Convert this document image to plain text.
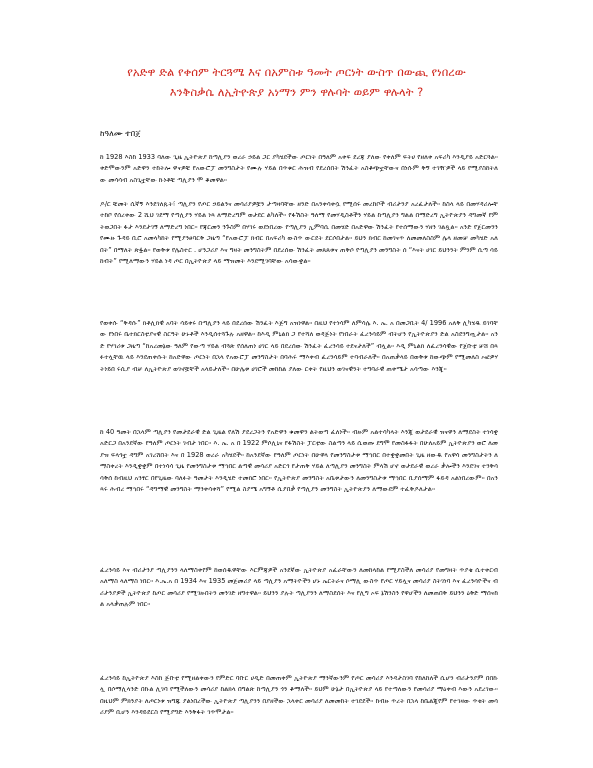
የአድዋ ድል የቀሰም ትርጓሜ እና በአምስቱ ዓመት ጦርነት ውስጥ በውጪ የነበረው
እንቅስቃሴ ለኢትዮጵያ አነማን ምን ዋሉባት ወይም ዋሉላት ?

ከዓለሙ ተበጀ

ከ 1928 እስከ 1933 ባለው ጊዜ ኢትዮጵያ ከጣሊያን ወረራ ኃይል ጋር ያካሄደችው ጦርነት በዓለም አቀፍ ደረጃ ያለው የቀለም ፍትሀ የዘለቀ አፍሪካ እንዲያይ አድርጓል። ቀድሞውንም አድዋን ተከትሎ ዋናዎቹ የአውሮፓ መንግስታት የሙሉ ሃይል በጥቁር ሕዝብ የደረሰበት ሽንፈት አስቆጭቷቸውና በነሱም ቅኝ ተገዥዎች ላይ የሚያስከትለው መሳሳብ አስጊቷቸው ኩነቶቹ ጣሊያን ሞ ቆመዋል።

ዶ/ር ቹመት ሲኛኝ እንደገለጹት፣ ጣሊያን የጦር ኃይልንና መሳሪያዎቿን ታጣዛባቸው ዘንድ በአንቀሳቀሷ የሚሰሩ መረከቦች ብሪታንያ አረፈታለች። ከስላ ላይ በመሃዳሪሎቸ ተከቦ የሰረቀው 2 ሺህ ገደማ የጣሊያን ሃይል ነጻ ለማድረግም ወታደር ልካለች። የፋሽስት ዓለማ የመሃዲስቶችን ሃይል ከጣሊያን ግልል በማድረግ ኢትዮጵያን ዳግመኛ የምትወጋበት ፋታ እንደታገኝ ለማድረግ ነበር። የጃርመን ንጉስም በሃገሩ ወደነበረው የጣሊያን ኢምባሲ በመሄድ በአድዋው ሽንፈት የተሰማውን ሃዘን ገልጿል። አንድ የጀርመንን የሙዙ ጉዳይ ቢሮ አመላካከት የሚያንፀባርቅ ጋዜጣ “የአውሮፓ ክብር በአፍሪካ ውስጥ ውርደት ደርሶበታል። ይህን ክብር ከመገናጥ ለመመለስስም ሌላ ዘመቻ መካሄድ አለበት” በማለት ጽፏል። የወቅቱ የሌስተር . ሆንጋሪያ እና ግዛት መንግስትም በደረሰው ሽንፈት መጸጸቱና ጠቅሶ የጣሊያን መንግስት ሰ “እናት ሀገር ይህንንት ምንም ሲጣ ሳይከብት” የሚለማውን ሃይል ነዳ ጦር በኢትዮጵያ ላይ ማዝመት እንደሚገባቸው አሳውቋል።

የወቀሱ “ቅዳሱ” ክቶሊክዊ አባት ሳይቀሩ በጣሊያን ላይ በደረሰው ሽንፈት እጅግ አዝነዋል። በዚህ የተነሳም ለምሳሌ እ. ኤ. አ በመጋቢት 4/ 1996 አለቅ ሊካሄዱ ይገባቸው የነበሩ ቤተክርስቲያናዊ ስርዓት ሁኑቶች እንዲሰተጓጉሉ አዘዋል። ከእዲ ምኒልክ ጋ የተሻለ ወዳጅነት የነበራት ፈረንሳይም ብትሆን የኢትዮጵያን ድል አስደንግጧታል። አንድ የሃገሪቱ ጋዜጣ “ከአረመኔው ዓለም የውጣ ሃይል ብጓጽ የሰለጠነ ሀገር ላይ በደረሰው ሽንፈት ፈረንሳይ ተደናታለች” ብሏል። እዲ ምኒልክ ለፈረንሳዊው የጀቡቲ ቻሸ በጻፉተሏቸዉ ላይ እንደጠቀሱት ከአድዋው ጦርነት በኋላ የአውሮፓ መንግስታት በባሕሩ ማእቀብ ፈረንሳይም ተባብራለች። በአጠቃላይ በወቅቱ ከውጭም የሚመለስ ኦፎዎሃትነይበ ሩሲያ ብቻ ለኢትዮጵያ ወገኖቿቸች አላይታለች። በሁሌቱ ሀገሮች መከከል ያለው ርቀት የዚህን ወገናዊንት ተግባራዊ ጠቀሜታ አሳጣው እንጂ።

ከ 40 ዓመት በኋላም ጣሊያን የመታደራዊ ድል ጊዜል የለሽ ያደረጋትን የአድዋን ቁመዋን ልትወጣ ፈለነች። ብዙም አልተሳካላት እንጂ ወታደራዊ ዝናዋን ለማደስት ተነሳቋ አድርጋ በአንደኛው የዓለም ጦርነት ገብታ ነበር። እ. ኤ. አ በ 1922 ምሶሊኒና የፋሽስት ፓርቲው ስልጣን ላይ ሲወጡ ደግሞ የመስፋፋት በሁለአይም ኢትዮጵያን ወሮ ለመያዝ ፍላጎቷ ዳግም አገረሸበት እና በ 1928 ወረራ አካሄደች። ከአንደኛው የዓለም ጦርነት በሁዋላ የመንግስታቱ ማኅበር በተቋቋመበት ጊዜ ዘውዱ የአዋሳ መንግስታትን ለማስቀረት እንዲቋቋም በተነሳሳ ጊዜ የመንግስታቱ ማኅበር ልጣዊ መሳሪያ አድርጎ የታጠቅ ሃይል ለጣሊያን መንግስት ምላሽ ሆኖ ወታደራዊ ወረራ ቃሎችን እንደገና ተንቅሳሳቅሰ ከብዚህ አንፃር በየጊዜው ባለፉት ዓመታት እንዲሄድ ተመክሮ ነበር። የኢትዮጵያ መንግስት አቤቱታውን ለመንግስታቱ ማኅበር ቢያሰማም ፋይዳ አልነበረውም። በአንጻሩ ሕብረ ማኅበሩ “ዳግማዊ መንግስት ማንቀሳቀሻ” የሚል ስያሜ አግኝቶ ሲያበቃ የጣሊያን መንግስት ኢትዮጵያን ለማውደም ተፈቅዶለታል።

ፈረንሳይ እና ብሪታንያ ጣሊያንን ላለማስቀየም ከወሰዱዋቸው እርምጃዎች አንደኛው ኢትዮጵያ አፈራቸውን ለመከላከል የሚያስችለ መሳሪያ የመግዛት ጥያቄ ሲተቀርብ አለማስ ላለማስ ነበር። እ.ኤ.አ በ 1934 እና 1935 መጀመሪያ ላይ ጣሊያን አማትዮችን ሆኑ ኤርትራና ሶማሊ ውስጥ የጦር ሃይሏና መሳሪያ ስትገነባ እና ፈረንሳዮችና ብሪታንያዎች ኢትዮጵያ ከጦር መሳሪያ የሚገዙበትን መንገድ ዘግተዋል። ይህንን ያሉት ጣሊያንን ለማስደሰት እና የሊግ ኦፍ ኔሽንስን የዋሆችን ለመጠበቅ ይህንን ዕቅድ ማሰናከል አላቃጠሉም ነበር።

ፈረንሳይ ከኢትዮጵያ እስከ ጅቡቲ የሚዘልቀውን የምድር ባቡር ሀዲድ በመጠቀም ኢትዮጵያ ማንኛውንም የጦር መሳሪያ እንዳታስገባ የከለከለች ሲሆን ብሪታንያም በበኩሏ በሶማሊላንድ በኩል ሊገባ የሚችለውን መሳሪያ ከልክላ በግልጽ ከጣሊያን ጎን ቆማለች። ይህም ሁኔታ በኢትዮጵያ ላይ የተጣለውን የመሳሪያ ማዕቀብ እውን አደረገው። በዚህም ምክንያት ለጦርነቱ ዝግጁ ያልነበረችው ኢትዮጵያ ጣሊያንን በያዘችው ኋላቀር መሳሪያ ለመመከት ተገደደች። ከብዙ ጥረት በኋላ ከቤልጂየም የተገዛው ጥቂት መሳሪያም ቢሆን እንዳይደርስ የሚያግድ እንቅፋት ገጥሞታል።
